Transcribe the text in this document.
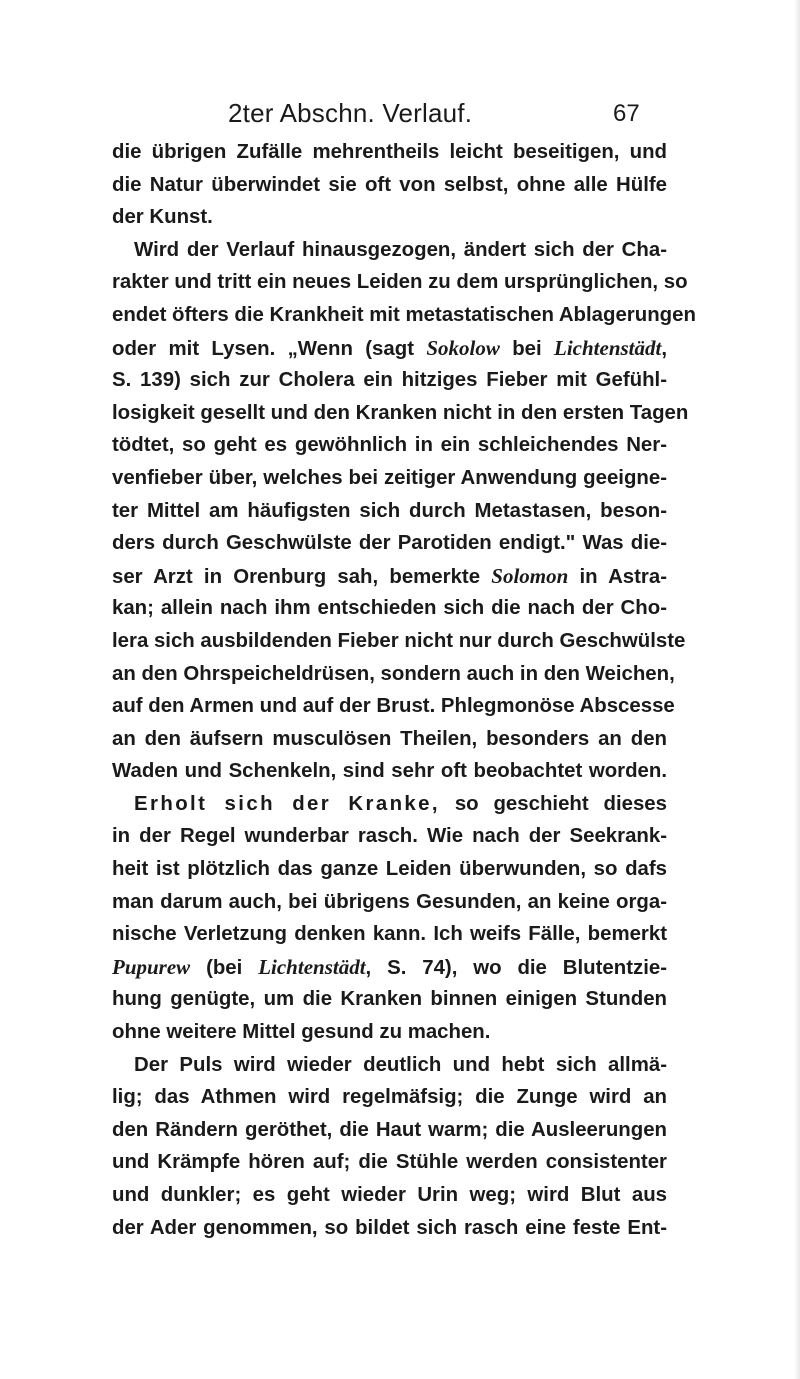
2ter Abschn. Verlauf.	67
die übrigen Zufälle mehrentheils leicht beseitigen, und
die Natur überwindet sie oft von selbst, ohne alle Hülfe
der Kunst.
Wird der Verlauf hinausgezogen, ändert sich der Cha-
rakter und tritt ein neues Leiden zu dem ursprünglichen, so
endet öfters die Krankheit mit metastatischen Ablagerungen
oder mit Lysen. „Wenn (sagt Sokolow bei Lichtenstädt,
S. 139) sich zur Cholera ein hitziges Fieber mit Gefühl-
losigkeit gesellt und den Kranken nicht in den ersten Tagen
tödtet, so geht es gewöhnlich in ein schleichendes Ner-
venfieber über, welches bei zeitiger Anwendung geeigne-
ter Mittel am häufigsten sich durch Metastasen, beson-
ders durch Geschwülste der Parotiden endigt." Was die-
ser Arzt in Orenburg sah, bemerkte Solomon in Astra-
kan; allein nach ihm entschieden sich die nach der Cho-
lera sich ausbildenden Fieber nicht nur durch Geschwülste
an den Ohrspeicheldrüsen, sondern auch in den Weichen,
auf den Armen und auf der Brust. Phlegmonöse Abscesse
an den äufsern musculösen Theilen, besonders an den
Waden und Schenkeln, sind sehr oft beobachtet worden.
Erholt sich der Kranke, so geschieht dieses
in der Regel wunderbar rasch. Wie nach der Seekrank-
heit ist plötzlich das ganze Leiden überwunden, so dafs
man darum auch, bei übrigens Gesunden, an keine orga-
nische Verletzung denken kann. Ich weifs Fälle, bemerkt
Pupurew (bei Lichtenstädt, S. 74), wo die Blutentzie-
hung genügte, um die Kranken binnen einigen Stunden
ohne weitere Mittel gesund zu machen.
Der Puls wird wieder deutlich und hebt sich allmä-
lig; das Athmen wird regelmäfsig; die Zunge wird an
den Rändern geröthet, die Haut warm; die Ausleerungen
und Krämpfe hören auf; die Stühle werden consistenter
und dunkler; es geht wieder Urin weg; wird Blut aus
der Ader genommen, so bildet sich rasch eine feste Ent-
